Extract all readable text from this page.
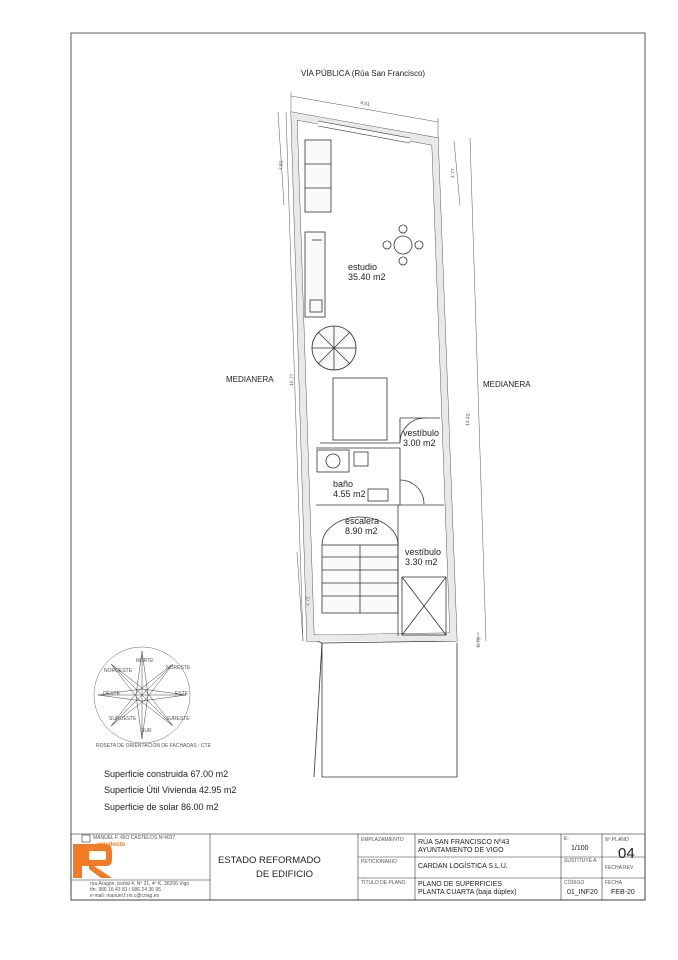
VÍA PÚBLICA (Rúa San Francisco)
MEDIANERA
MEDIANERA
4.41
2.81
1.77
10.77
13.42
2.72
0.75
estudio
35.40 m2
vestíbulo
3.00 m2
baño
4.55 m2
escalera
8.90 m2
vestíbulo
3.30 m2
NORTE
NORESTE
ESTE
SURESTE
SUR
SUROESTE
OESTE
NOROESTE
ROSETA DE ORIENTACIÓN DE FACHADAS : CTE
Superficie construida 67.00 m2
Superficie Útil Vivienda 42.95 m2
Superficie de solar 86.00 m2
MANUEL F. RIO CASTELOS Nº4037
arquitecto
rúa Aragón, portal 4, Nº 21, 4º K. 36206 Vigo
tfn. 986 16 43 81 / 686 24 36 95
e-mail: manuel.f.rio.c@coag.es
ESTADO REFORMADO
DE EDIFICIO
EMPLAZAMIENTO RÚA SAN FRANCISCO Nº43
AYUNTAMIENTO DE VIGO
PETICIONARIO
CARDAN LOGÍSTICA S.L.U.
TÍTULO DE PLANO PLANO DE SUPERFICIES
PLANTA CUARTA (baja dúplex)
E:
1/100
SUSTITUYE A
CÓDIGO
01_INF20
Nº PLANO
04
FECHA REV
FECHA
FEB-20
